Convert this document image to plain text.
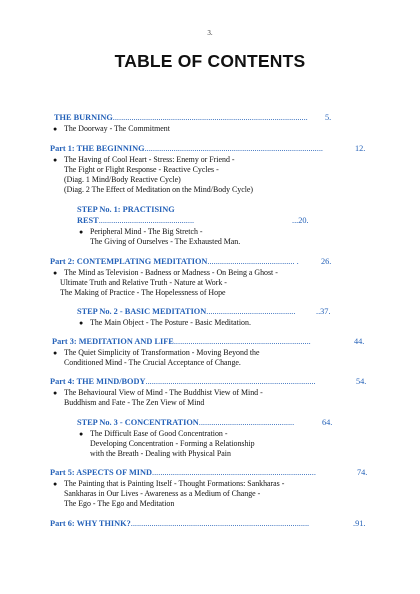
3.
TABLE OF CONTENTS
THE BURNING.............................................................................................. 5.
● The Doorway - The Commitment
Part 1: THE BEGINNING......................................................................................	12.
● The Having of Cool Heart - Stress: Enemy or Friend -
The Fight or Flight Response - Reactive Cycles -
(Diag. 1 Mind/Body Reactive Cycle)
(Diag. 2 The Effect of Meditation on the Mind/Body Cycle)
STEP No. 1: PRACTISING
REST..............................................	...20.
● Peripheral Mind - The Big Stretch -
The Giving of Ourselves - The Exhausted Man.
Part 2: CONTEMPLATING MEDITATION.......................................... .	26.
● The Mind as Television - Badness or Madness - On Being a Ghost -
Ultimate Truth and Relative Truth - Nature at Work -
The Making of Practice - The Hopelessness of Hope
STEP No. 2 - BASIC MEDITATION........................................... ..37.
● The Main Object - The Posture - Basic Meditation.
Part 3: MEDITATION AND LIFE..................................................................	44.
● The Quiet Simplicity of Transformation - Moving Beyond the
Conditioned Mind - The Crucial Acceptance of Change.
Part 4: THE MIND/BODY..................................................................................	54.
● The Behavioural View of Mind - The Buddhist View of Mind -
Buddhism and Fate - The Zen View of Mind
STEP No. 3 - CONCENTRATION..............................................	64.
● The Difficult Ease of Good Concentration -
Developing Concentration - Forming a Relationship
with the Breath - Dealing with Physical Pain
Part 5: ASPECTS OF MIND...............................................................................	74.
● The Painting that is Painting Itself - Thought Formations: Sankharas -
Sankharas in Our Lives - Awareness as a Medium of Change -
The Ego - The Ego and Meditation
Part 6: WHY THINK?......................................................................................	.91.
